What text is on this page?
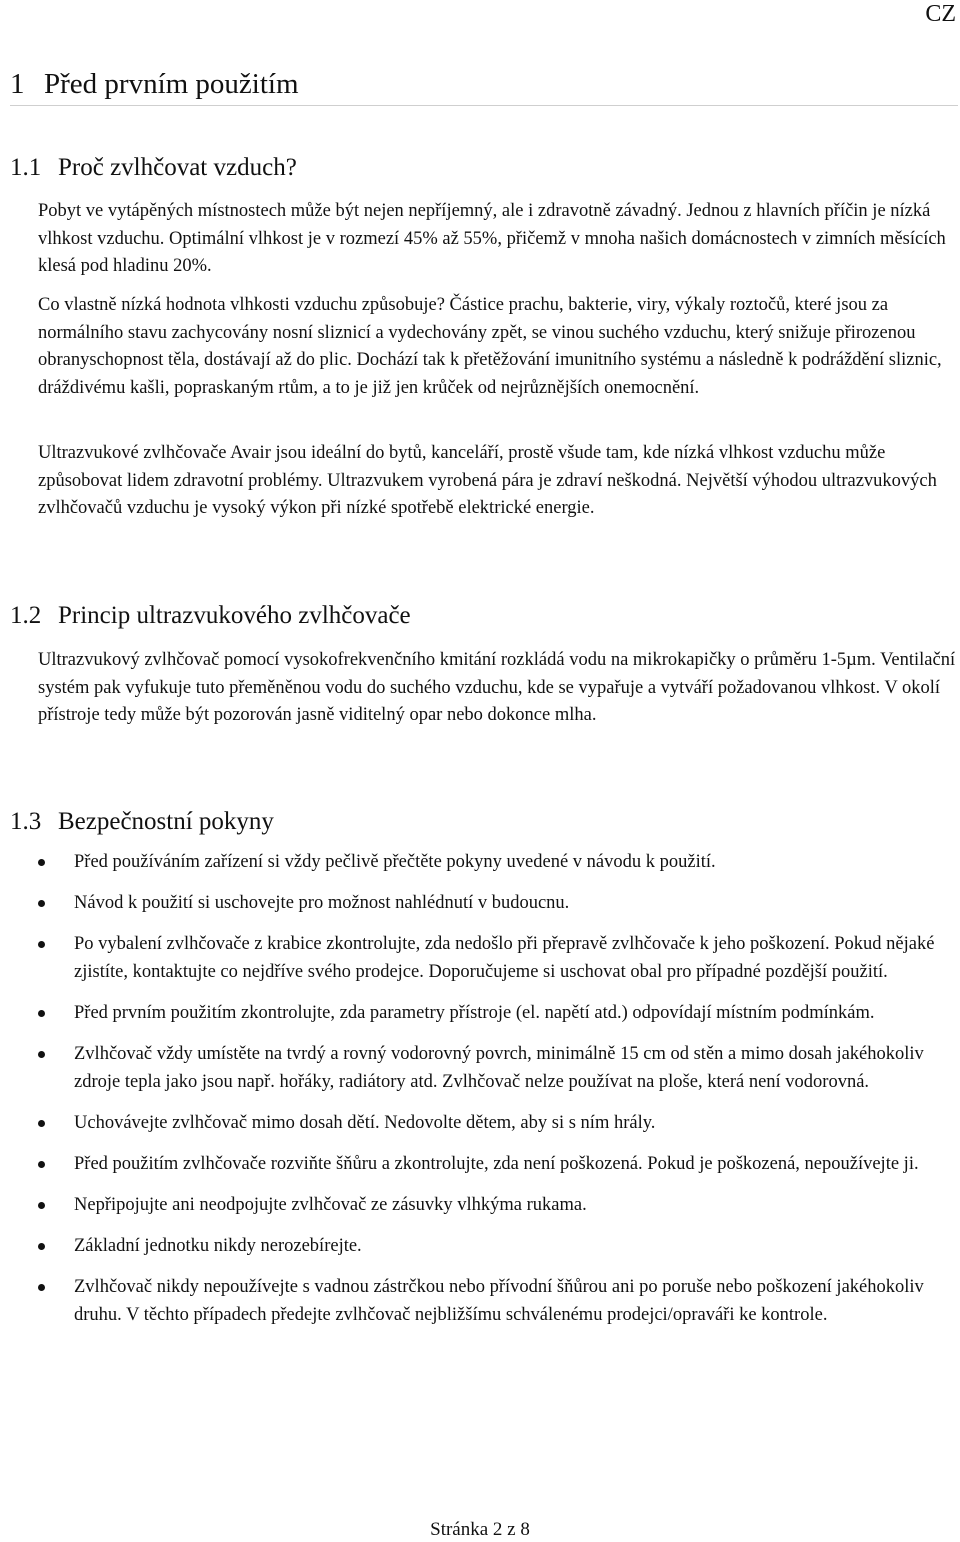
CZ
1 Před prvním použitím
1.1 Proč zvlhčovat vzduch?

Pobyt ve vytápěných místnostech může být nejen nepříjemný, ale i zdravotně závadný. Jednou z hlavních příčin je nízká vlhkost vzduchu. Optimální vlhkost je v rozmezí 45% až 55%, přičemž v mnoha našich domácnostech v zimních měsících klesá pod hladinu 20%.

Co vlastně nízká hodnota vlhkosti vzduchu způsobuje? Částice prachu, bakterie, viry, výkaly roztočů, které jsou za normálního stavu zachycovány nosní sliznicí a vydechovány zpět, se vinou suchého vzduchu, který snižuje přirozenou obranyschopnost těla, dostávají až do plic. Dochází tak k přetěžování imunitního systému a následně k podráždění sliznic, dráždivému kašli, popraskaným rtům, a to je již jen krůček od nejrůznějších onemocnění.

Ultrazvukové zvlhčovače Avair jsou ideální do bytů, kanceláří, prostě všude tam, kde nízká vlhkost vzduchu může způsobovat lidem zdravotní problémy. Ultrazvukem vyrobená pára je zdraví neškodná. Největší výhodou ultrazvukových zvlhčovačů vzduchu je vysoký výkon při nízké spotřebě elektrické energie.

1.2 Princip ultrazvukového zvlhčovače

Ultrazvukový zvlhčovač pomocí vysokofrekvenčního kmitání rozkládá vodu na mikrokapičky o průměru 1-5µm. Ventilační systém pak vyfukuje tuto přeměněnou vodu do suchého vzduchu, kde se vypařuje a vytváří požadovanou vlhkost. V okolí přístroje tedy může být pozorován jasně viditelný opar nebo dokonce mlha.

1.3 Bezpečnostní pokyny
Před používáním zařízení si vždy pečlivě přečtěte pokyny uvedené v návodu k použití.
Návod k použití si uschovejte pro možnost nahlédnutí v budoucnu.
Po vybalení zvlhčovače z krabice zkontrolujte, zda nedošlo při přepravě zvlhčovače k jeho poškození. Pokud nějaké zjistíte, kontaktujte co nejdříve svého prodejce. Doporučujeme si uschovat obal pro případné pozdější použití.
Před prvním použitím zkontrolujte, zda parametry přístroje (el. napětí atd.) odpovídají místním podmínkám.
Zvlhčovač vždy umístěte na tvrdý a rovný vodorovný povrch, minimálně 15 cm od stěn a mimo dosah jakéhokoliv zdroje tepla jako jsou např. hořáky, radiátory atd. Zvlhčovač nelze používat na ploše, která není vodorovná.
Uchovávejte zvlhčovač mimo dosah dětí. Nedovolte dětem, aby si s ním hrály.
Před použitím zvlhčovače rozviňte šňůru a zkontrolujte, zda není poškozená. Pokud je poškozená, nepoužívejte ji.
Nepřipojujte ani neodpojujte zvlhčovač ze zásuvky vlhkýma rukama.
Základní jednotku nikdy nerozebírejte.
Zvlhčovač nikdy nepoužívejte s vadnou zástrčkou nebo přívodní šňůrou ani po poruše nebo poškození jakéhokoliv druhu. V těchto případech předejte zvlhčovač nejbližšímu schválenému prodejci/opraváři ke kontrole.
Stránka 2 z 8
